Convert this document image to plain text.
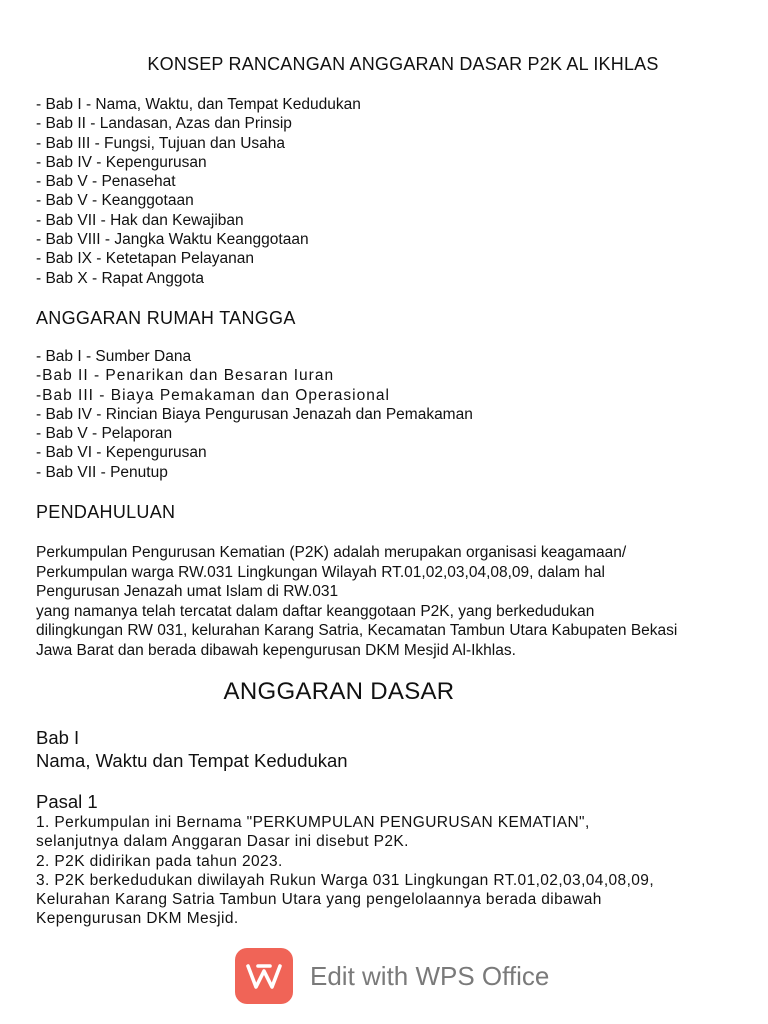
KONSEP RANCANGAN ANGGARAN DASAR P2K AL IKHLAS
- Bab I - Nama, Waktu, dan Tempat Kedudukan
- Bab II - Landasan, Azas dan Prinsip
- Bab III - Fungsi, Tujuan dan Usaha
- Bab IV - Kepengurusan
- Bab V - Penasehat
- Bab V - Keanggotaan
- Bab VII - Hak dan Kewajiban
- Bab VIII - Jangka Waktu Keanggotaan
- Bab IX - Ketetapan Pelayanan
- Bab X - Rapat Anggota
ANGGARAN RUMAH TANGGA
- Bab I - Sumber Dana
-Bab II - Penarikan dan Besaran Iuran
-Bab III - Biaya Pemakaman dan Operasional
- Bab IV - Rincian Biaya Pengurusan Jenazah dan Pemakaman
- Bab V - Pelaporan
- Bab VI - Kepengurusan
- Bab VII - Penutup
PENDAHULUAN
Perkumpulan Pengurusan Kematian (P2K) adalah merupakan organisasi keagamaan/
Perkumpulan warga RW.031 Lingkungan Wilayah RT.01,02,03,04,08,09, dalam hal
Pengurusan Jenazah umat Islam di RW.031
yang namanya telah tercatat dalam daftar keanggotaan P2K, yang berkedudukan
dilingkungan RW 031, kelurahan Karang Satria, Kecamatan Tambun Utara Kabupaten Bekasi
Jawa Barat dan berada dibawah kepengurusan DKM Mesjid Al-Ikhlas.
ANGGARAN DASAR
Bab I
Nama, Waktu dan Tempat Kedudukan
Pasal 1
1. Perkumpulan ini Bernama "PERKUMPULAN PENGURUSAN KEMATIAN",
selanjutnya dalam Anggaran Dasar ini disebut P2K.
2. P2K didirikan pada tahun 2023.
3. P2K berkedudukan diwilayah Rukun Warga 031 Lingkungan RT.01,02,03,04,08,09,
Kelurahan Karang Satria Tambun Utara yang pengelolaannya berada dibawah
Kepengurusan DKM Mesjid.
Edit with WPS Office
